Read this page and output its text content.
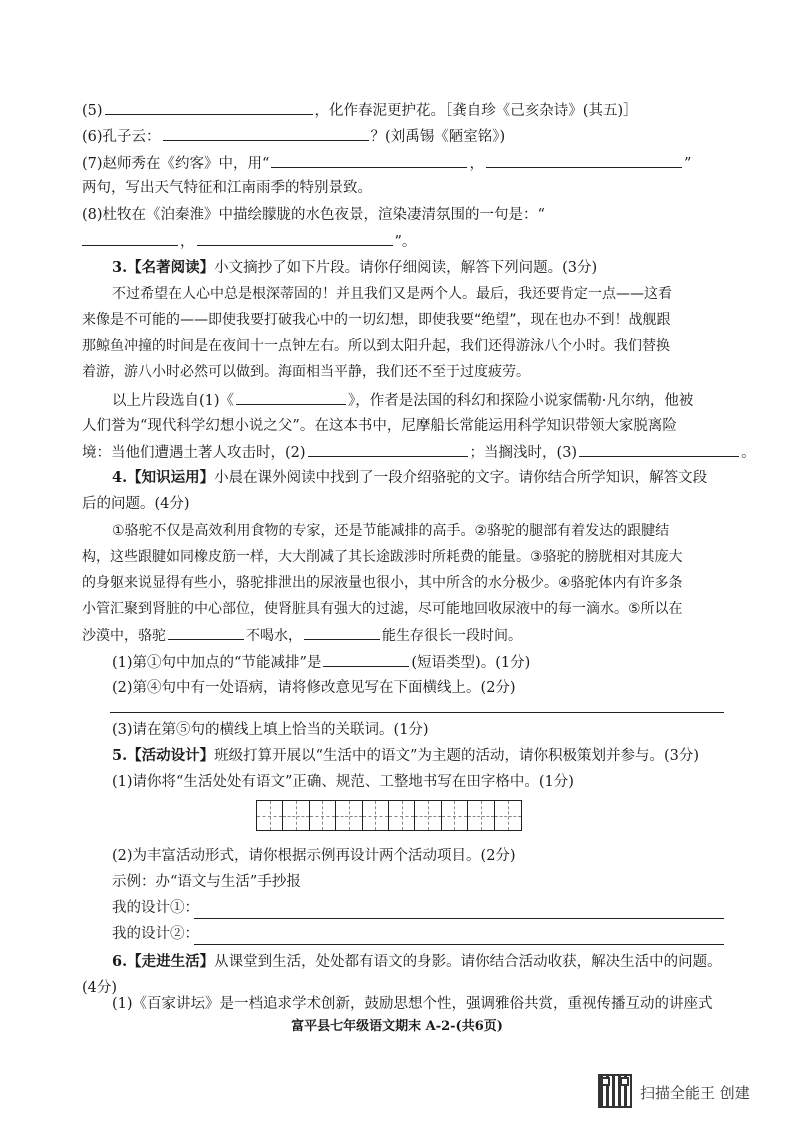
(5)	，化作春泥更护花。［龚自珍《己亥杂诗》(其五)］
(6)孔子云：	？(刘禹锡《陋室铭》)
(7)赵师秀在《约客》中，用“	，	”
两句，写出天气特征和江南雨季的特别景致。
(8)杜牧在《泊秦淮》中描绘朦胧的水色夜景，渲染凄清氛围的一句是：“
，	”。
3.【名著阅读】小文摘抄了如下片段。请你仔细阅读，解答下列问题。(3分)
不过希望在人心中总是根深蒂固的！并且我们又是两个人。最后，我还要肯定一点——这看
来像是不可能的——即使我要打破我心中的一切幻想，即使我要“绝望”，现在也办不到！战舰跟
那鲸鱼冲撞的时间是在夜间十一点钟左右。所以到太阳升起，我们还得游泳八个小时。我们替换
着游，游八小时必然可以做到。海面相当平静，我们还不至于过度疲劳。
以上片段选自(1)《	》，作者是法国的科幻和探险小说家儒勒·凡尔纳，他被
人们誉为“现代科学幻想小说之父”。在这本书中，尼摩船长常能运用科学知识带领大家脱离险
境：当他们遭遇土著人攻击时，(2)	；当搁浅时，(3)	。
4.【知识运用】小晨在课外阅读中找到了一段介绍骆驼的文字。请你结合所学知识，解答文段
后的问题。(4分)
①骆驼不仅是高效利用食物的专家，还是节能减排的高手。②骆驼的腿部有着发达的跟腱结
构，这些跟腱如同橡皮筋一样，大大削减了其长途跋涉时所耗费的能量。③骆驼的膀胱相对其庞大
的身躯来说显得有些小，骆驼排泄出的尿液量也很小，其中所含的水分极少。④骆驼体内有许多条
小管汇聚到肾脏的中心部位，使肾脏具有强大的过滤，尽可能地回收尿液中的每一滴水。⑤所以在
沙漠中，骆驼	不喝水，	能生存很长一段时间。
(1)第①句中加点的“节能减排”是	(短语类型)。(1分)
(2)第④句中有一处语病，请将修改意见写在下面横线上。(2分)
(3)请在第⑤句的横线上填上恰当的关联词。(1分)
5.【活动设计】班级打算开展以“生活中的语文”为主题的活动，请你积极策划并参与。(3分)
(1)请你将“生活处处有语文”正确、规范、工整地书写在田字格中。(1分)
(2)为丰富活动形式，请你根据示例再设计两个活动项目。(2分)
示例：办“语文与生活”手抄报
我的设计①：
我的设计②：
6.【走进生活】从课堂到生活，处处都有语文的身影。请你结合活动收获，解决生活中的问题。
(4分)
(1)《百家讲坛》是一档追求学术创新，鼓励思想个性，强调雅俗共赏，重视传播互动的讲座式
富平县七年级语文期末 A-2-(共6页)
扫描全能王 创建
